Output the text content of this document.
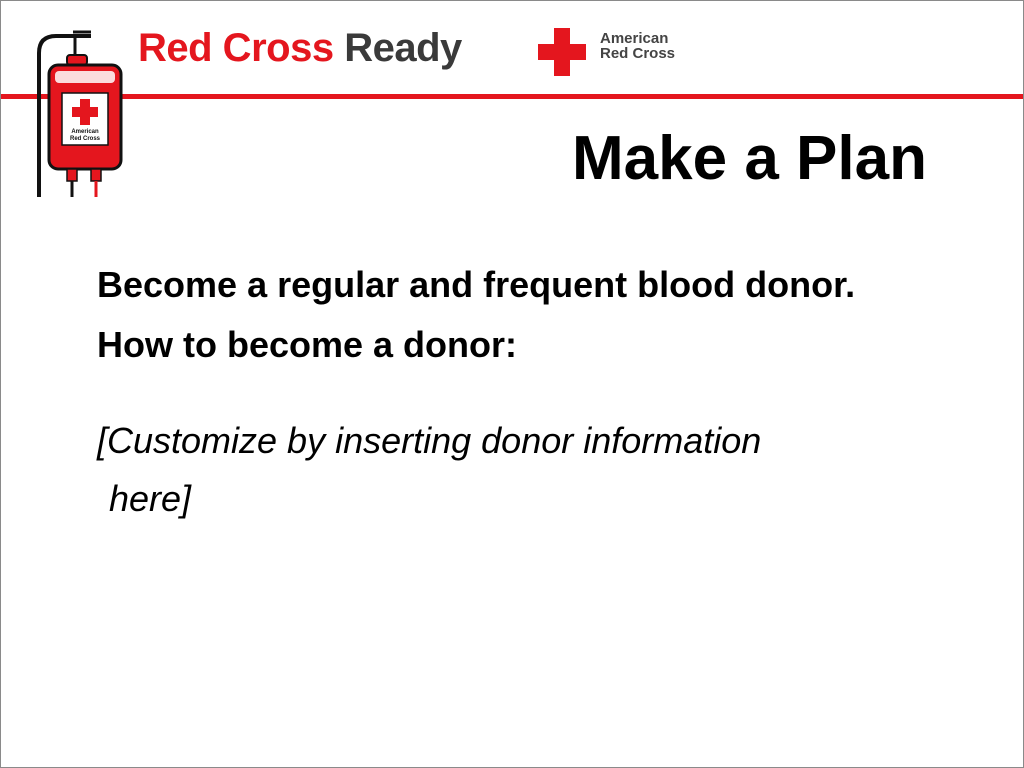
American
Red Cross
Red Cross Ready	American
Red Cross
Make a Plan

Become a regular and frequent blood donor.

How to become a donor:

[Customize by inserting donor information

here]
